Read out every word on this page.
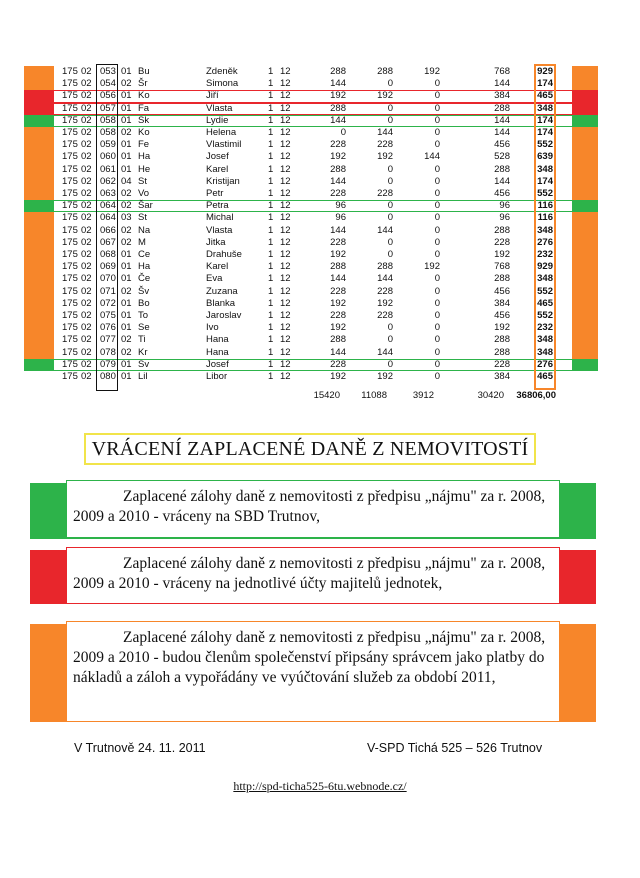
175 02 053 01 Bu	Zdeněk	1 12	288	288	192	768	929
175 02 054 02 Šr	Simona	1 12	144	0	0	144	174
175 02 056 01 Ko	Jiří	1 12	192	192	0	384	465
175 02 057 01 Fa	Vlasta	1 12	288	0	0	288	348
175 02 058 01 Sk	Lydie	1 12	144	0	0	144	174
175 02 058 02 Ko	Helena	1 12	0	144	0	144	174
175 02 059 01 Fe	Vlastimil	1 12	228	228	0	456	552
175 02 060 01 Ha	Josef	1 12	192	192	144	528	639
175 02 061 01 He	Karel	1 12	288	0	0	288	348
175 02 062 04 St	Kristijan	1 12	144	0	0	144	174
175 02 063 02 Vo	Petr	1 12	228	228	0	456	552
175 02 064 02 Šar	Petra	1 12	96	0	0	96	116
175 02 064 03 St	Michal	1 12	96	0	0	96	116
175 02 066 02 Na	Vlasta	1 12	144	144	0	288	348
175 02 067 02 M	Jitka	1 12	228	0	0	228	276
175 02 068 01 Ce	Drahuše	1 12	192	0	0	192	232
175 02 069 01 Ha	Karel	1 12	288	288	192	768	929
175 02 070 01 Če	Eva	1 12	144	144	0	288	348
175 02 071 02 Šv	Zuzana	1 12	228	228	0	456	552
175 02 072 01 Bo	Blanka	1 12	192	192	0	384	465
175 02 075 01 To	Jaroslav	1 12	228	228	0	456	552
175 02 076 01 Se	Ivo	1 12	192	0	0	192	232
175 02 077 02 Ti	Hana	1 12	288	0	0	288	348
175 02 078 02 Kr	Hana	1 12	144	144	0	288	348
175 02 079 01 Sv	Josef	1 12	228	0	0	228	276
175 02 080 01 Lil	Libor	1 12	192	192	0	384	465
15420	11088	3912	30420	36806,00
VRÁCENÍ ZAPLACENÉ DANĚ Z NEMOVITOSTÍ

Zaplacené zálohy daně z nemovitosti z předpisu „nájmu" za r. 2008, 2009 a 2010 - vráceny na SBD Trutnov,

Zaplacené zálohy daně z nemovitosti z předpisu „nájmu" za r. 2008, 2009 a 2010 - vráceny na jednotlivé účty majitelů jednotek,

Zaplacené zálohy daně z nemovitosti z předpisu „nájmu" za r. 2008, 2009 a 2010 - budou členům společenství připsány správcem jako platby do nákladů a záloh a vypořádány ve vyúčtování služeb za období 2011,

V Trutnově 24. 11. 2011	V-SPD Tichá 525 – 526 Trutnov
http://spd-ticha525-6tu.webnode.cz/
